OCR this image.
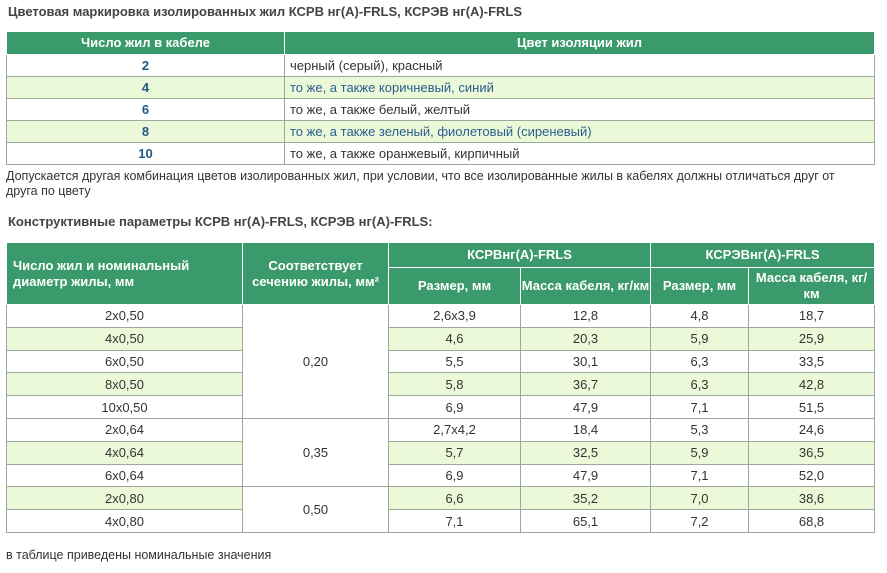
Цветовая маркировка изолированных жил КСРВ нг(А)-FRLS, КСРЭВ нг(А)-FRLS
Число жил в кабеле	Цвет изоляции жил
2	черный (серый), красный
4	то же, а также коричневый, синий
6	то же, а также белый, желтый
8	то же, а также зеленый, фиолетовый (сиреневый)
10	то же, а также оранжевый, кирпичный
Допускается другая комбинация цветов изолированных жил, при условии, что все изолированные жилы в кабелях должны отличаться друг от друга по цвету
Конструктивные параметры КСРВ нг(А)-FRLS, КСРЭВ нг(А)-FRLS:
Число жил и номинальный диаметр жилы, мм	Соответствует сечению жилы, мм²	КСРВнг(А)-FRLS		КСРЭВнг(А)-FRLS	
		Размер, мм	Масса кабеля, кг/км	Размер, мм	Масса кабеля, кг/км
2х0,50	0,20	2,6х3,9	12,8	4,8	18,7
4х0,50		4,6	20,3	5,9	25,9
6х0,50		5,5	30,1	6,3	33,5
8х0,50		5,8	36,7	6,3	42,8
10х0,50		6,9	47,9	7,1	51,5
2х0,64	0,35	2,7х4,2	18,4	5,3	24,6
4х0,64		5,7	32,5	5,9	36,5
6х0,64		6,9	47,9	7,1	52,0
2х0,80	0,50	6,6	35,2	7,0	38,6
4х0,80		7,1	65,1	7,2	68,8
в таблице приведены номинальные значения
